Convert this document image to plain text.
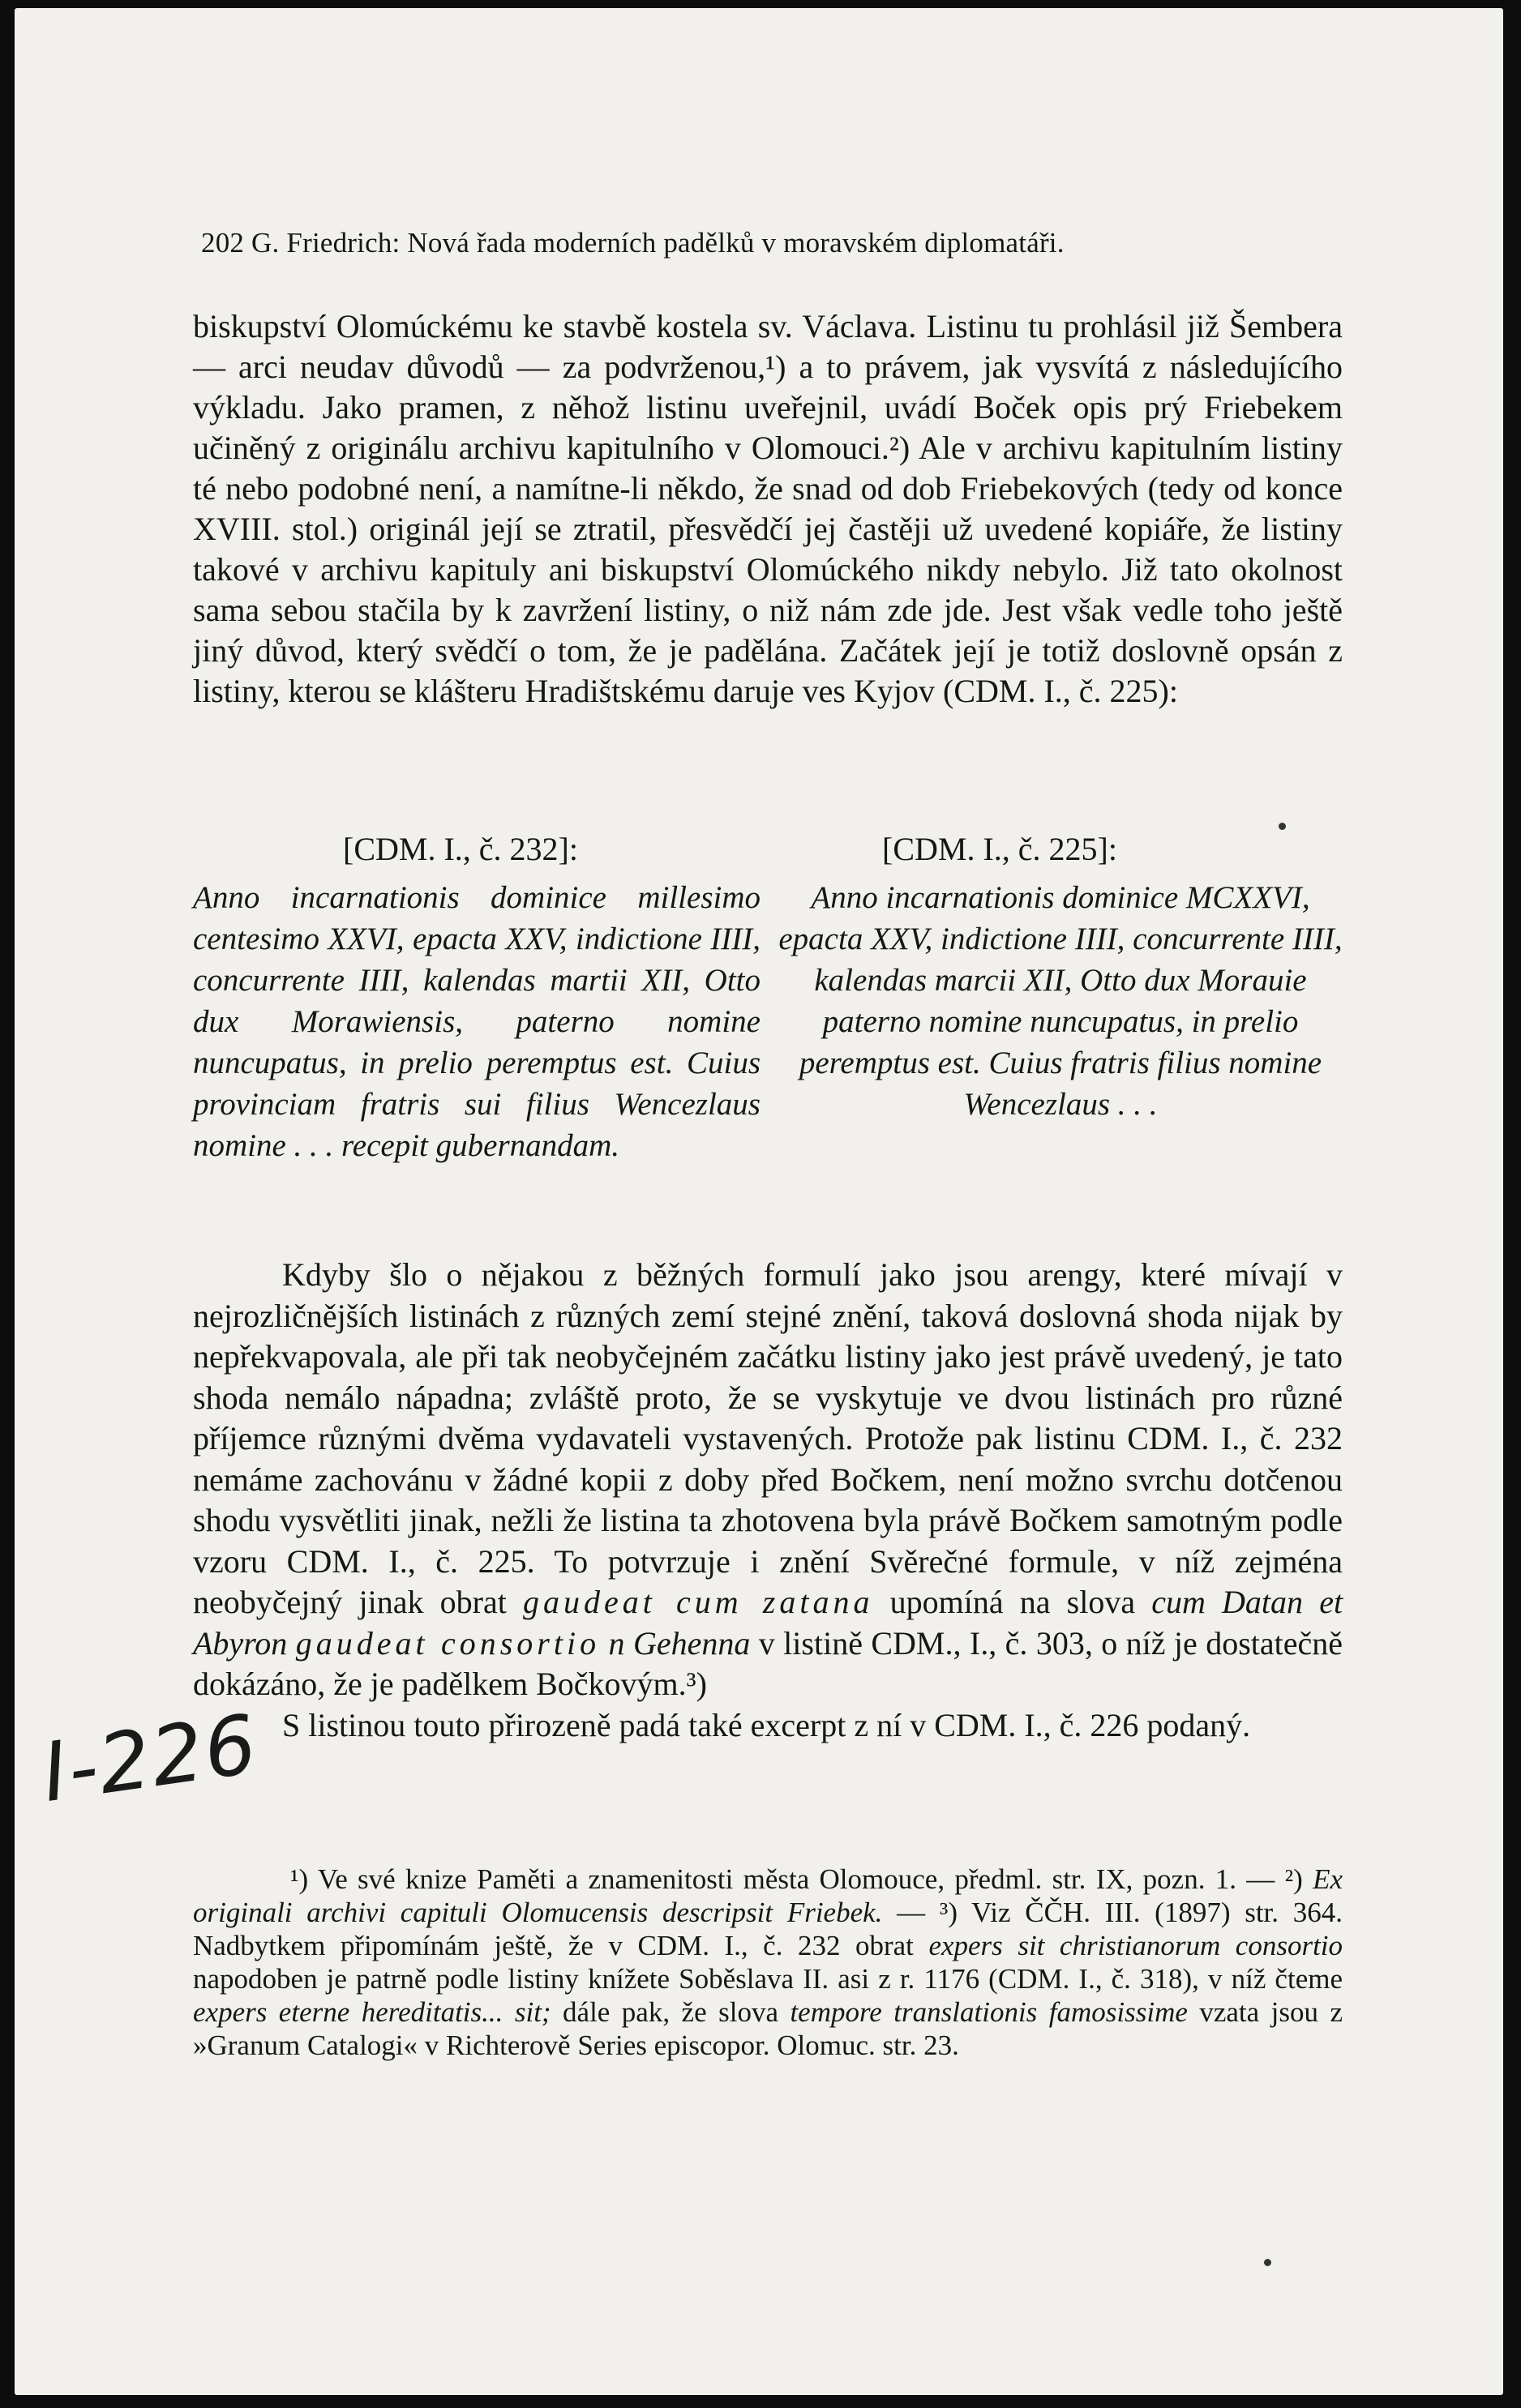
202 G. Friedrich: Nová řada moderních padělků v moravském diplomatáři.

biskupství Olomúckému ke stavbě kostela sv. Václava. Listinu tu prohlásil již Šembera — arci neudav důvodů — za podvrženou,¹) a to právem, jak vysvítá z následujícího výkladu. Jako pramen, z něhož listinu uveřejnil, uvádí Boček opis prý Friebekem učiněný z originálu archivu kapitulního v Olomouci.²) Ale v archivu kapitulním listiny té nebo podobné není, a namítne-li někdo, že snad od dob Friebekových (tedy od konce XVIII. stol.) originál její se ztratil, přesvědčí jej častěji už uvedené kopiáře, že listiny takové v archivu kapituly ani biskupství Olomúckého nikdy nebylo. Již tato okolnost sama sebou stačila by k zavržení listiny, o niž nám zde jde. Jest však vedle toho ještě jiný důvod, který svědčí o tom, že je padělána. Začátek její je totiž doslovně opsán z listiny, kterou se klášteru Hradištskému daruje ves Kyjov (CDM. I., č. 225):

[CDM. I., č. 232]:

Anno incarnationis dominice millesimo centesimo XXVI, epacta XXV, indictione IIII, concurrente IIII, kalendas martii XII, Otto dux Morawiensis, paterno nomine nuncupatus, in prelio peremptus est. Cuius provinciam fratris sui filius Wencezlaus nomine . . . recepit gubernandam.

[CDM. I., č. 225]:

Anno incarnationis dominice MCXXVI, epacta XXV, indictione IIII, concurrente IIII, kalendas marcii XII, Otto dux Morauie paterno nomine nuncupatus, in prelio peremptus est. Cuius fratris filius nomine Wencezlaus . . .

Kdyby šlo o nějakou z běžných formulí jako jsou arengy, které mívají v nejrozličnějších listinách z různých zemí stejné znění, taková doslovná shoda nijak by nepřekvapovala, ale při tak neobyčejném začátku listiny jako jest právě uvedený, je tato shoda nemálo nápadna; zvláště proto, že se vyskytuje ve dvou listinách pro různé příjemce různými dvěma vydavateli vystavených. Protože pak listinu CDM. I., č. 232 nemáme zachovánu v žádné kopii z doby před Bočkem, není možno svrchu dotčenou shodu vysvětliti jinak, nežli že listina ta zhotovena byla právě Bočkem samotným podle vzoru CDM. I., č. 225. To potvrzuje i znění Svěrečné formule, v níž zejména neobyčejný jinak obrat gaudeat cum zatana upomíná na slova cum Datan et Abyron gaudeat consortio n Gehenna v listině CDM., I., č. 303, o níž je dostatečně dokázáno, že je padělkem Bočkovým.³)

S listinou touto přirozeně padá také excerpt z ní v CDM. I., č. 226 podaný.

¹) Ve své knize Paměti a znamenitosti města Olomouce, předml. str. IX, pozn. 1. — ²) Ex originali archivi capituli Olomucensis descripsit Friebek. — ³) Viz ČČH. III. (1897) str. 364. Nadbytkem připomínám ještě, že v CDM. I., č. 232 obrat expers sit christianorum consortio napodoben je patrně podle listiny knížete Soběslava II. asi z r. 1176 (CDM. I., č. 318), v níž čteme expers eterne hereditatis... sit; dále pak, že slova tempore translationis famosissime vzata jsou z »Granum Catalogi« v Richterově Series episcopor. Olomuc. str. 23.

I-226
